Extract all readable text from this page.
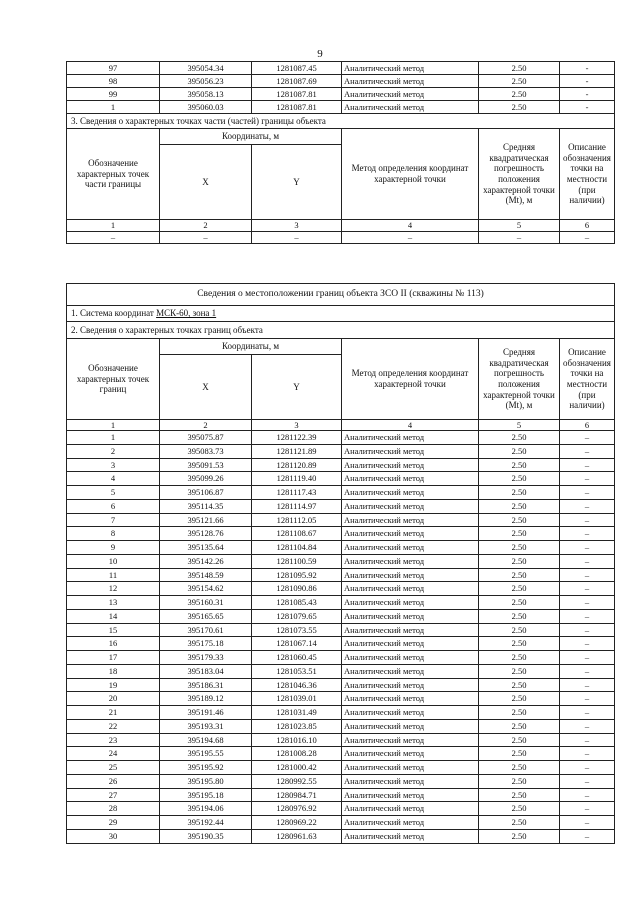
9
97	395054.34	1281087.45	Аналитический метод	2.50	-
98	395056.23	1281087.69	Аналитический метод	2.50	-
99	395058.13	1281087.81	Аналитический метод	2.50	-
1	395060.03	1281087.81	Аналитический метод	2.50	-
3. Сведения о характерных точках части (частей) границы объекта					
Обозначение характерных точек части границы	Координаты, м		Метод определения координат характерной точки	Средняя квадратическая погрешность положения характерной точки (Мt), м	Описание обозначения точки на местности (при наличии)
	X	Y			
1	2	3	4	5	6
–	–	–	–	–	–
Сведения о местоположении границ объекта ЗСО II (скважины № 113)					
1. Система координат МСК-60, зона 1					
2. Сведения о характерных точках границ объекта					
Обозначение характерных точек границ	Координаты, м		Метод определения координат характерной точки	Средняя квадратическая погрешность положения характерной точки (Мt), м	Описание обозначения точки на местности (при наличии)
	X	Y			
1	2	3	4	5	6
1	395075.87	1281122.39	Аналитический метод	2.50	–
2	395083.73	1281121.89	Аналитический метод	2.50	–
3	395091.53	1281120.89	Аналитический метод	2.50	–
4	395099.26	1281119.40	Аналитический метод	2.50	–
5	395106.87	1281117.43	Аналитический метод	2.50	–
6	395114.35	1281114.97	Аналитический метод	2.50	–
7	395121.66	1281112.05	Аналитический метод	2.50	–
8	395128.76	1281108.67	Аналитический метод	2.50	–
9	395135.64	1281104.84	Аналитический метод	2.50	–
10	395142.26	1281100.59	Аналитический метод	2.50	–
11	395148.59	1281095.92	Аналитический метод	2.50	–
12	395154.62	1281090.86	Аналитический метод	2.50	–
13	395160.31	1281085.43	Аналитический метод	2.50	–
14	395165.65	1281079.65	Аналитический метод	2.50	–
15	395170.61	1281073.55	Аналитический метод	2.50	–
16	395175.18	1281067.14	Аналитический метод	2.50	–
17	395179.33	1281060.45	Аналитический метод	2.50	–
18	395183.04	1281053.51	Аналитический метод	2.50	–
19	395186.31	1281046.36	Аналитический метод	2.50	–
20	395189.12	1281039.01	Аналитический метод	2.50	–
21	395191.46	1281031.49	Аналитический метод	2.50	–
22	395193.31	1281023.85	Аналитический метод	2.50	–
23	395194.68	1281016.10	Аналитический метод	2.50	–
24	395195.55	1281008.28	Аналитический метод	2.50	–
25	395195.92	1281000.42	Аналитический метод	2.50	–
26	395195.80	1280992.55	Аналитический метод	2.50	–
27	395195.18	1280984.71	Аналитический метод	2.50	–
28	395194.06	1280976.92	Аналитический метод	2.50	–
29	395192.44	1280969.22	Аналитический метод	2.50	–
30	395190.35	1280961.63	Аналитический метод	2.50	–
